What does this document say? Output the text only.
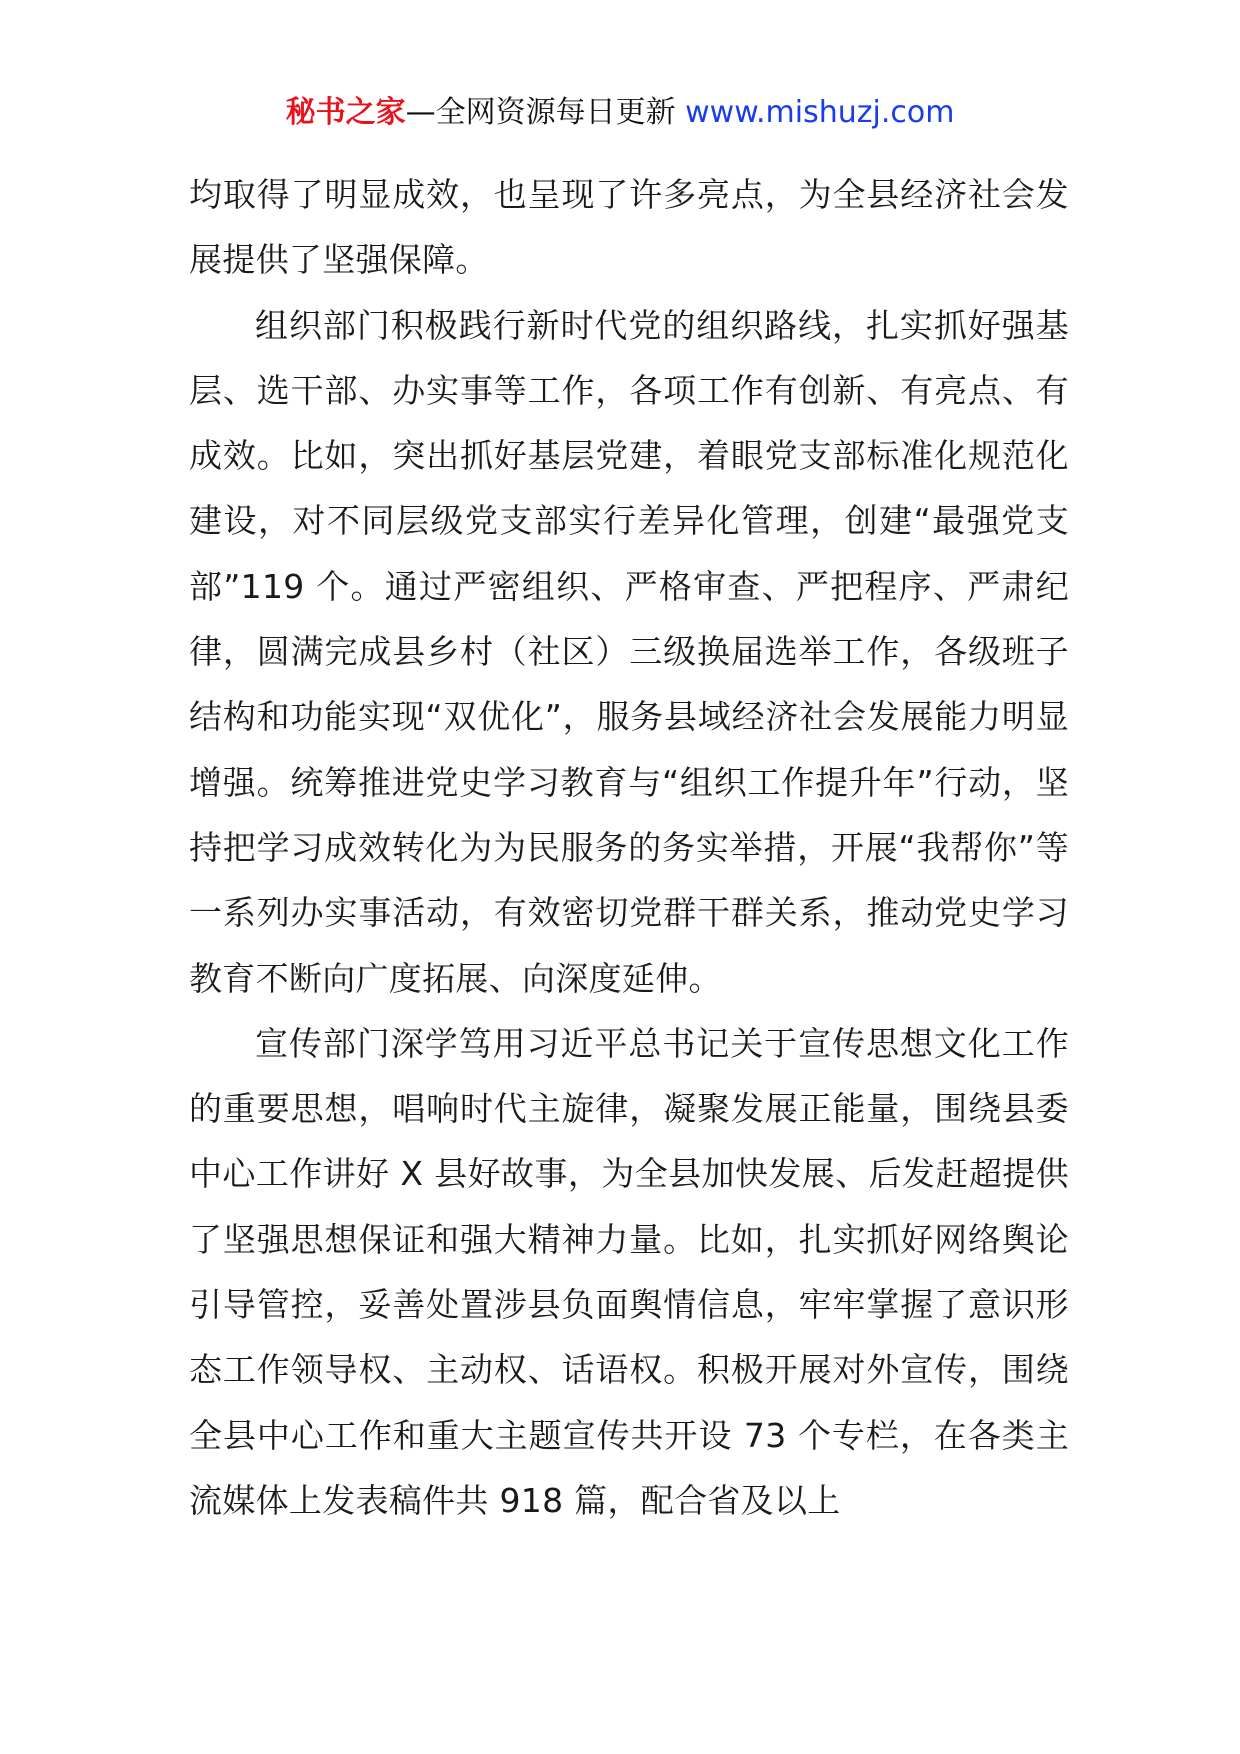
秘书之家—全网资源每日更新 www.mishuzj.com

均取得了明显成效，也呈现了许多亮点，为全县经济社会发展提供了坚强保障。

组织部门积极践行新时代党的组织路线，扎实抓好强基层、选干部、办实事等工作，各项工作有创新、有亮点、有成效。比如，突出抓好基层党建，着眼党支部标准化规范化建设，对不同层级党支部实行差异化管理，创建“最强党支部”119 个。通过严密组织、严格审查、严把程序、严肃纪律，圆满完成县乡村（社区）三级换届选举工作，各级班子结构和功能实现“双优化”，服务县域经济社会发展能力明显增强。统筹推进党史学习教育与“组织工作提升年”行动，坚持把学习成效转化为为民服务的务实举措，开展“我帮你”等一系列办实事活动，有效密切党群干群关系，推动党史学习教育不断向广度拓展、向深度延伸。

宣传部门深学笃用习近平总书记关于宣传思想文化工作的重要思想，唱响时代主旋律，凝聚发展正能量，围绕县委中心工作讲好 X 县好故事，为全县加快发展、后发赶超提供了坚强思想保证和强大精神力量。比如，扎实抓好网络舆论引导管控，妥善处置涉县负面舆情信息，牢牢掌握了意识形态工作领导权、主动权、话语权。积极开展对外宣传，围绕全县中心工作和重大主题宣传共开设 73 个专栏，在各类主流媒体上发表稿件共 918 篇，配合省及以上
